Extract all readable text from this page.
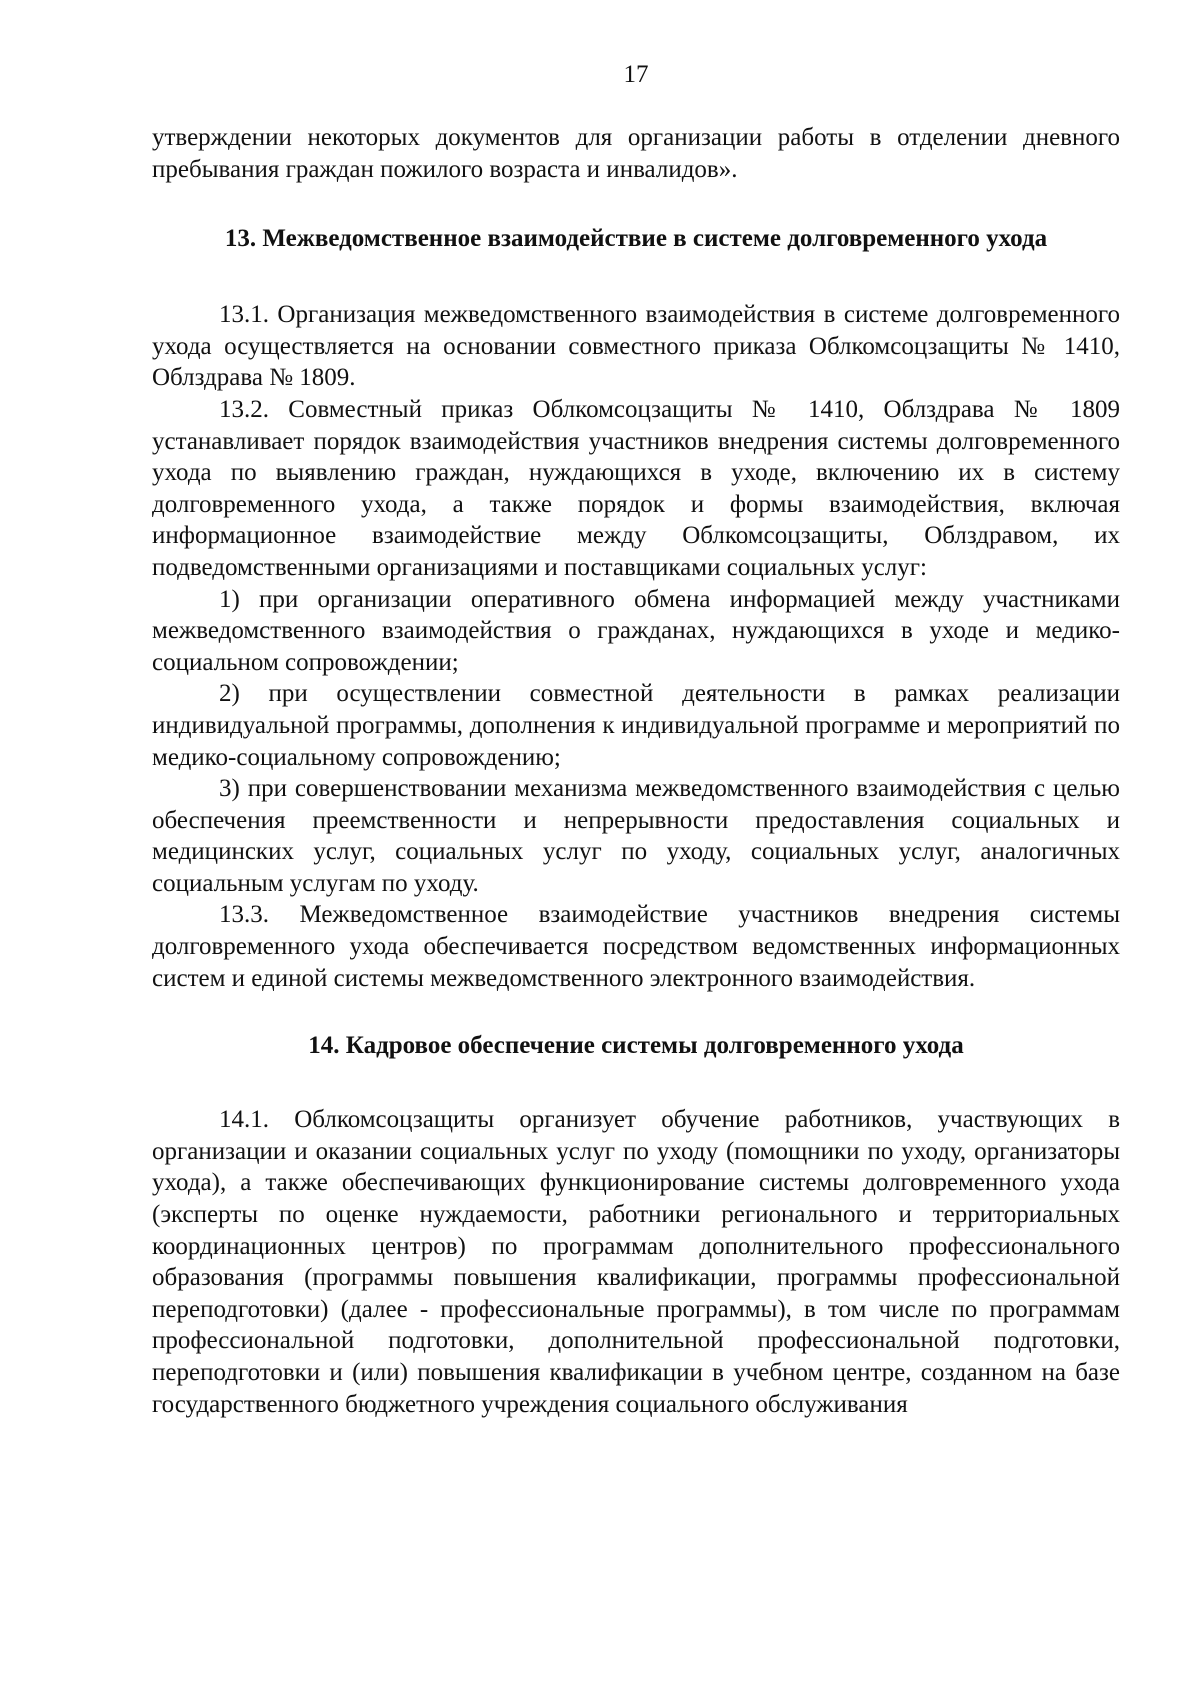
17

утверждении некоторых документов для организации работы в отделении дневного пребывания граждан пожилого возраста и инвалидов».

13. Межведомственное взаимодействие в системе долговременного ухода

13.1. Организация межведомственного взаимодействия в системе долговременного ухода осуществляется на основании совместного приказа Облкомсоцзащиты № 1410, Облздрава № 1809.

13.2. Совместный приказ Облкомсоцзащиты № 1410, Облздрава № 1809 устанавливает порядок взаимодействия участников внедрения системы долговременного ухода по выявлению граждан, нуждающихся в уходе, включению их в систему долговременного ухода, а также порядок и формы взаимодействия, включая информационное взаимодействие между Облкомсоцзащиты, Облздравом, их подведомственными организациями и поставщиками социальных услуг:

1) при организации оперативного обмена информацией между участниками межведомственного взаимодействия о гражданах, нуждающихся в уходе и медико-социальном сопровождении;

2) при осуществлении совместной деятельности в рамках реализации индивидуальной программы, дополнения к индивидуальной программе и мероприятий по медико-социальному сопровождению;

3) при совершенствовании механизма межведомственного взаимодействия с целью обеспечения преемственности и непрерывности предоставления социальных и медицинских услуг, социальных услуг по уходу, социальных услуг, аналогичных социальным услугам по уходу.

13.3. Межведомственное взаимодействие участников внедрения системы долговременного ухода обеспечивается посредством ведомственных информационных систем и единой системы межведомственного электронного взаимодействия.

14. Кадровое обеспечение системы долговременного ухода

14.1. Облкомсоцзащиты организует обучение работников, участвующих в организации и оказании социальных услуг по уходу (помощники по уходу, организаторы ухода), а также обеспечивающих функционирование системы долговременного ухода (эксперты по оценке нуждаемости, работники регионального и территориальных координационных центров) по программам дополнительного профессионального образования (программы повышения квалификации, программы профессиональной переподготовки) (далее - профессиональные программы), в том числе по программам профессиональной подготовки, дополнительной профессиональной подготовки, переподготовки и (или) повышения квалификации в учебном центре, созданном на базе государственного бюджетного учреждения социального обслуживания
